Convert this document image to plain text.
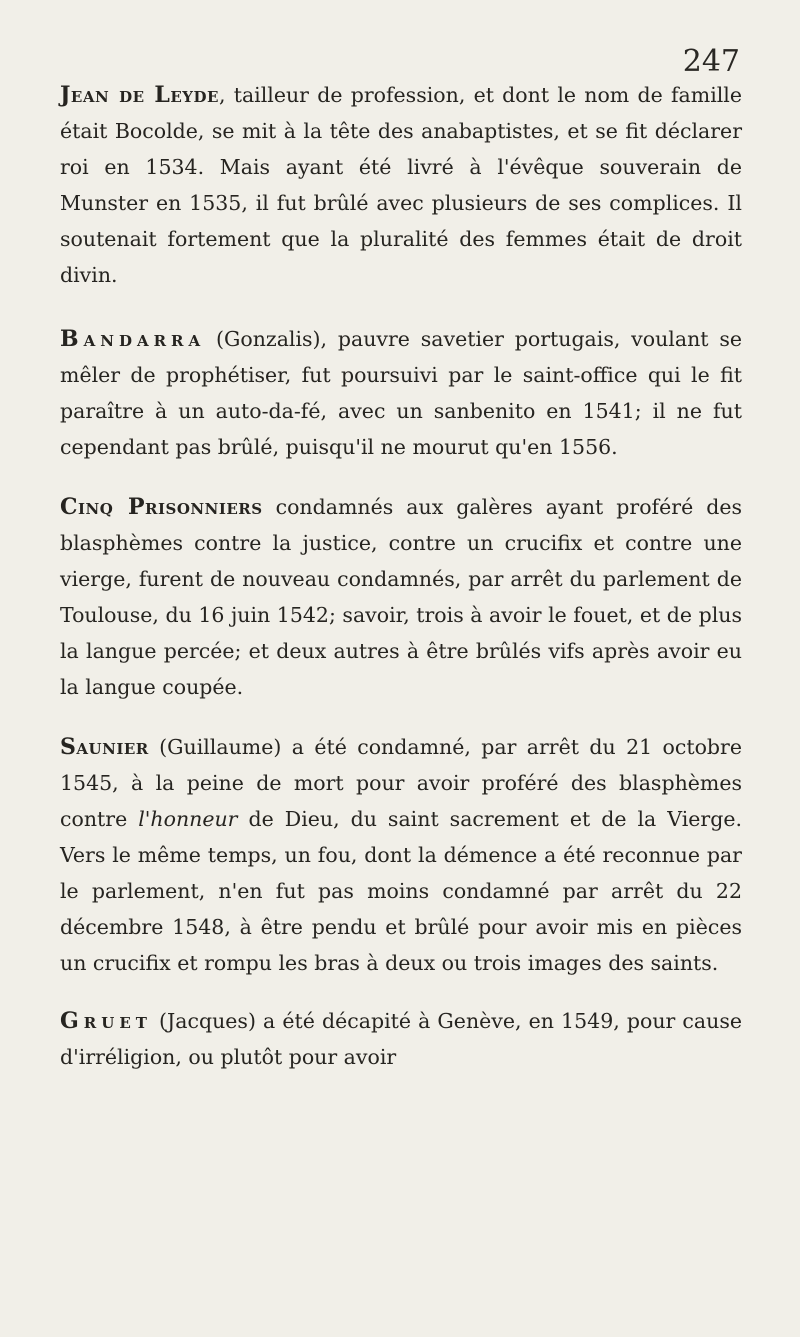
247

Jean de Leyde, tailleur de profession, et dont le nom de famille était Bocolde, se mit à la tête des anabaptistes, et se fit déclarer roi en 1534. Mais ayant été livré à l'évêque souverain de Munster en 1535, il fut brûlé avec plusieurs de ses complices. Il soutenait fortement que la pluralité des femmes était de droit divin.

Bandarra (Gonzalis), pauvre savetier portugais, voulant se mêler de prophétiser, fut poursuivi par le saint-office qui le fit paraître à un auto-da-fé, avec un sanbenito en 1541; il ne fut cependant pas brûlé, puisqu'il ne mourut qu'en 1556.

Cinq Prisonniers condamnés aux galères ayant proféré des blasphèmes contre la justice, contre un crucifix et contre une vierge, furent de nouveau condamnés, par arrêt du parlement de Toulouse, du 16 juin 1542; savoir, trois à avoir le fouet, et de plus la langue percée; et deux autres à être brûlés vifs après avoir eu la langue coupée.

Saunier (Guillaume) a été condamné, par arrêt du 21 octobre 1545, à la peine de mort pour avoir proféré des blasphèmes contre l'honneur de Dieu, du saint sacrement et de la Vierge. Vers le même temps, un fou, dont la démence a été reconnue par le parlement, n'en fut pas moins condamné par arrêt du 22 décembre 1548, à être pendu et brûlé pour avoir mis en pièces un crucifix et rompu les bras à deux ou trois images des saints.

Gruet (Jacques) a été décapité à Genève, en 1549, pour cause d'irréligion, ou plutôt pour avoir
